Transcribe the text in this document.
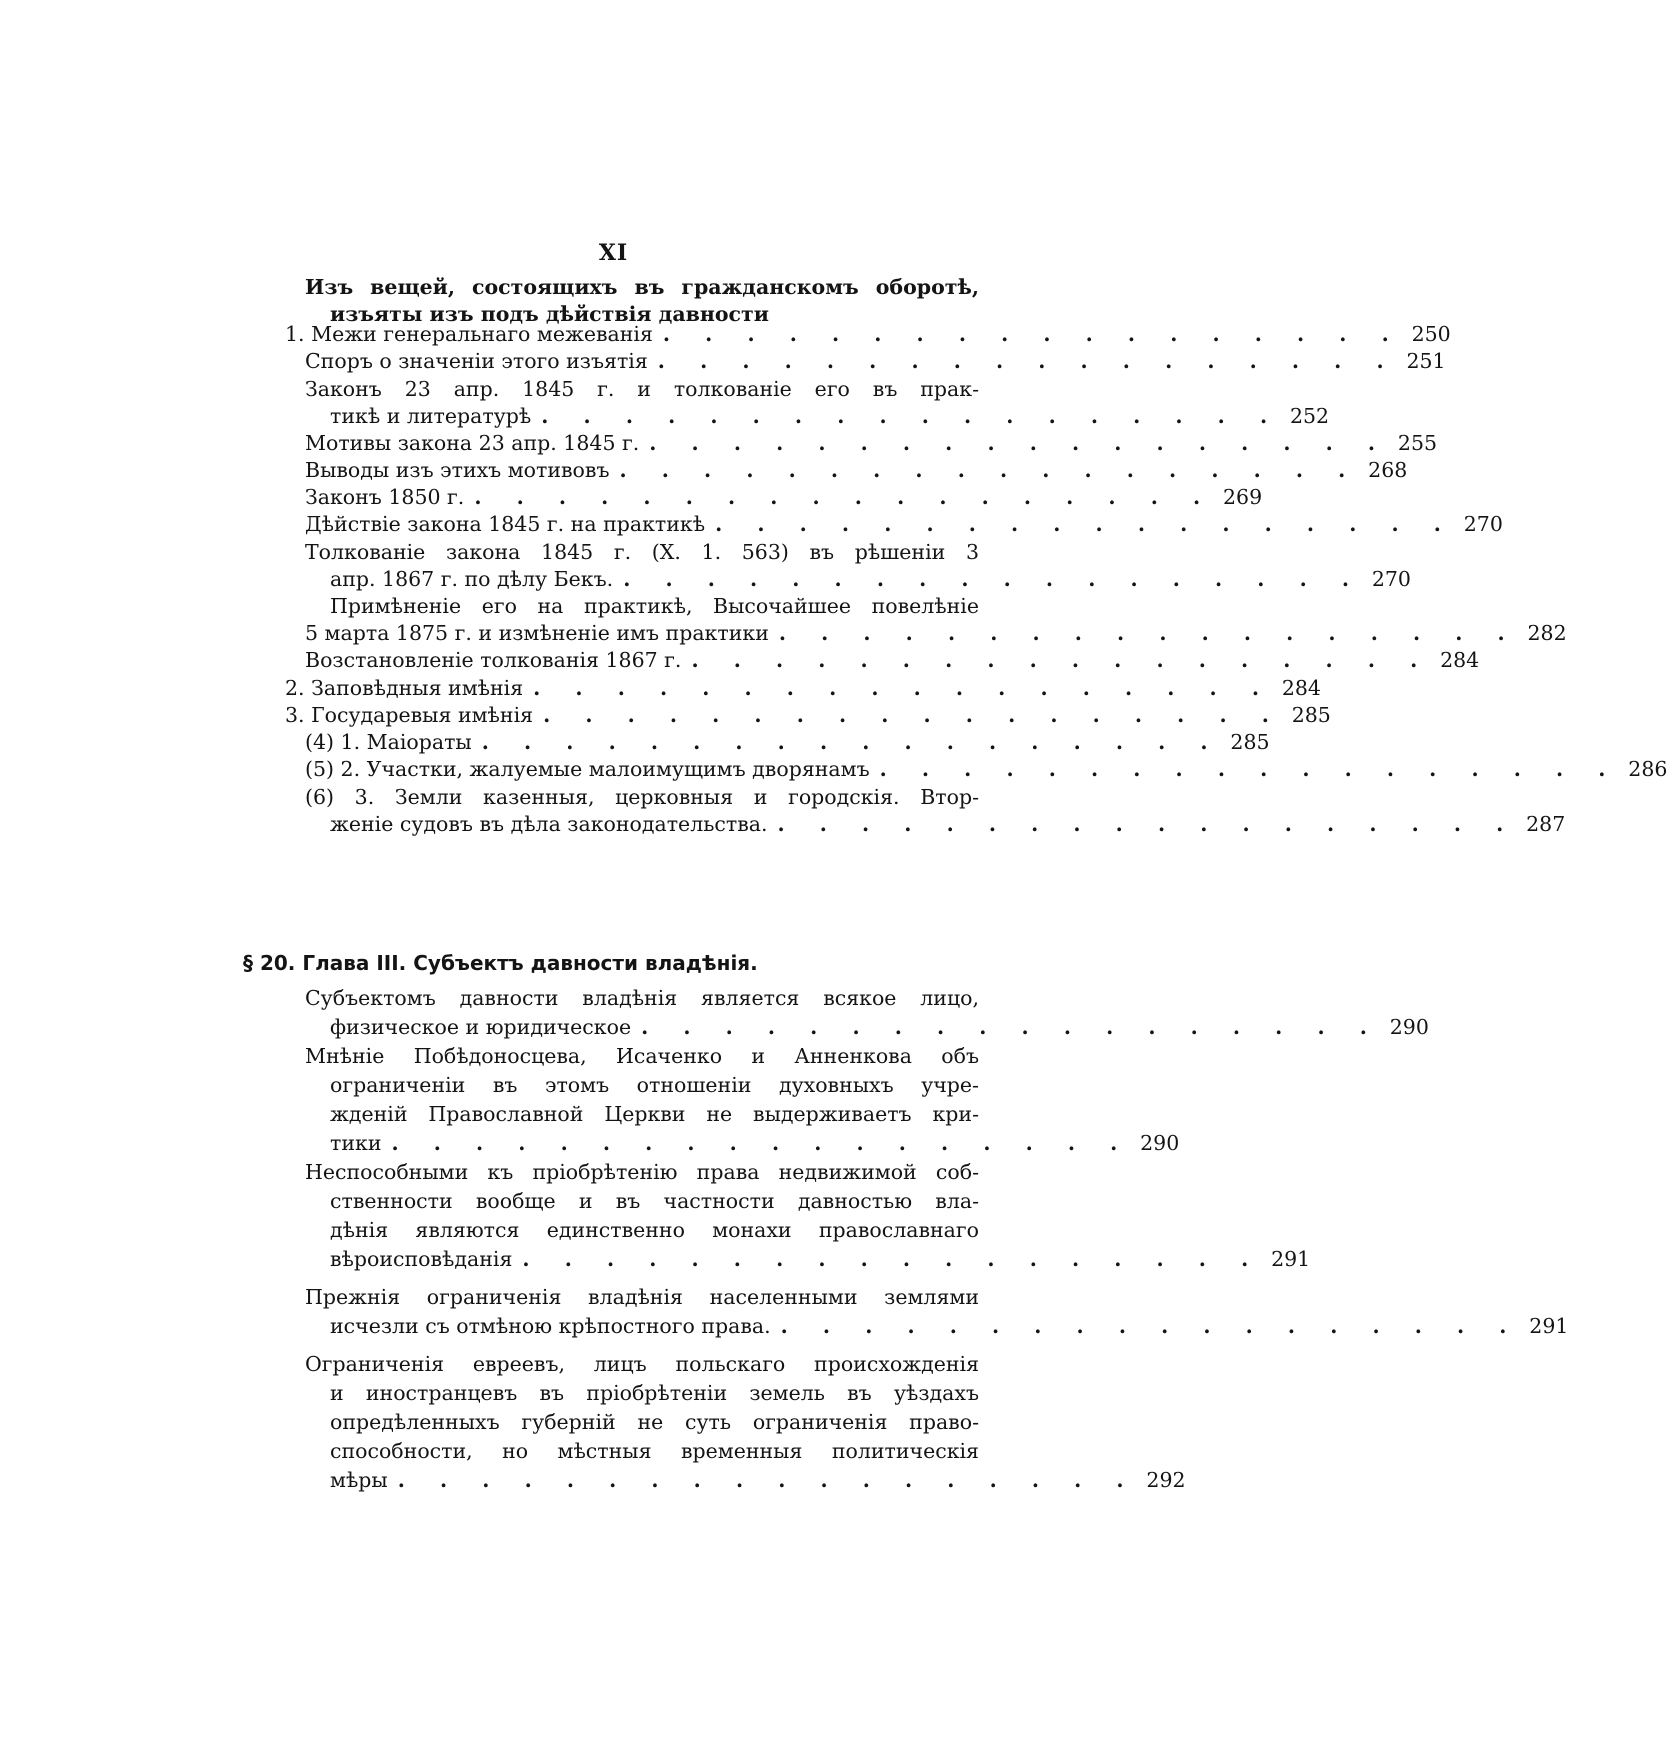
XI
Изъ вещей, состоящихъ въ гражданскомъ оборотѣ,
изъяты изъ подъ дѣйствія давности
1. Межи генеральнаго межеванія . . . . . . . . . . . . . . . . . . 250
Споръ о значеніи этого изъятія . . . . . . . . . . . . . . . . . . 251
Законъ 23 апр. 1845 г. и толкованіе его въ прак-
тикѣ и литературѣ . . . . . . . . . . . . . . . . . . 252
Мотивы закона 23 апр. 1845 г. . . . . . . . . . . . . . . . . . . 255
Выводы изъ этихъ мотивовъ . . . . . . . . . . . . . . . . . . 268
Законъ 1850 г. . . . . . . . . . . . . . . . . . . 269
Дѣйствіе закона 1845 г. на практикѣ . . . . . . . . . . . . . . . . . . 270
Толкованіе закона 1845 г. (X. 1. 563) въ рѣшеніи 3
апр. 1867 г. по дѣлу Бекъ. . . . . . . . . . . . . . . . . . . 270
Примѣненіе его на практикѣ, Высочайшее повелѣніе
5 марта 1875 г. и измѣненіе имъ практики . . . . . . . . . . . . . . . . . . 282
Возстановленіе толкованія 1867 г. . . . . . . . . . . . . . . . . . . 284
2. Заповѣдныя имѣнія . . . . . . . . . . . . . . . . . . 284
3. Государевыя имѣнія . . . . . . . . . . . . . . . . . . 285
(4) 1. Маіораты . . . . . . . . . . . . . . . . . . 285
(5) 2. Участки, жалуемые малоимущимъ дворянамъ . . . . . . . . . . . . . . . . . . 286
(6) 3. Земли казенныя, церковныя и городскія. Втор-
женіе судовъ въ дѣла законодательства. . . . . . . . . . . . . . . . . . . 287
§ 20. Глава III. Субъектъ давности владѣнія.
Субъектомъ давности владѣнія является всякое лицо,
физическое и юридическое . . . . . . . . . . . . . . . . . . 290
Мнѣніе Побѣдоносцева, Исаченко и Анненкова объ
ограниченіи въ этомъ отношеніи духовныхъ учре-
жденій Православной Церкви не выдерживаетъ кри-
тики . . . . . . . . . . . . . . . . . . 290
Неспособными къ пріобрѣтенію права недвижимой соб-
ственности вообще и въ частности давностью вла-
дѣнія являются единственно монахи православнаго
вѣроисповѣданія . . . . . . . . . . . . . . . . . . 291
Прежнія ограниченія владѣнія населенными землями
исчезли съ отмѣною крѣпостного права. . . . . . . . . . . . . . . . . . . 291
Ограниченія евреевъ, лицъ польскаго происхожденія
и иностранцевъ въ пріобрѣтеніи земель въ уѣздахъ
опредѣленныхъ губерній не суть ограниченія право-
способности, но мѣстныя временныя политическія
мѣры . . . . . . . . . . . . . . . . . . 292
